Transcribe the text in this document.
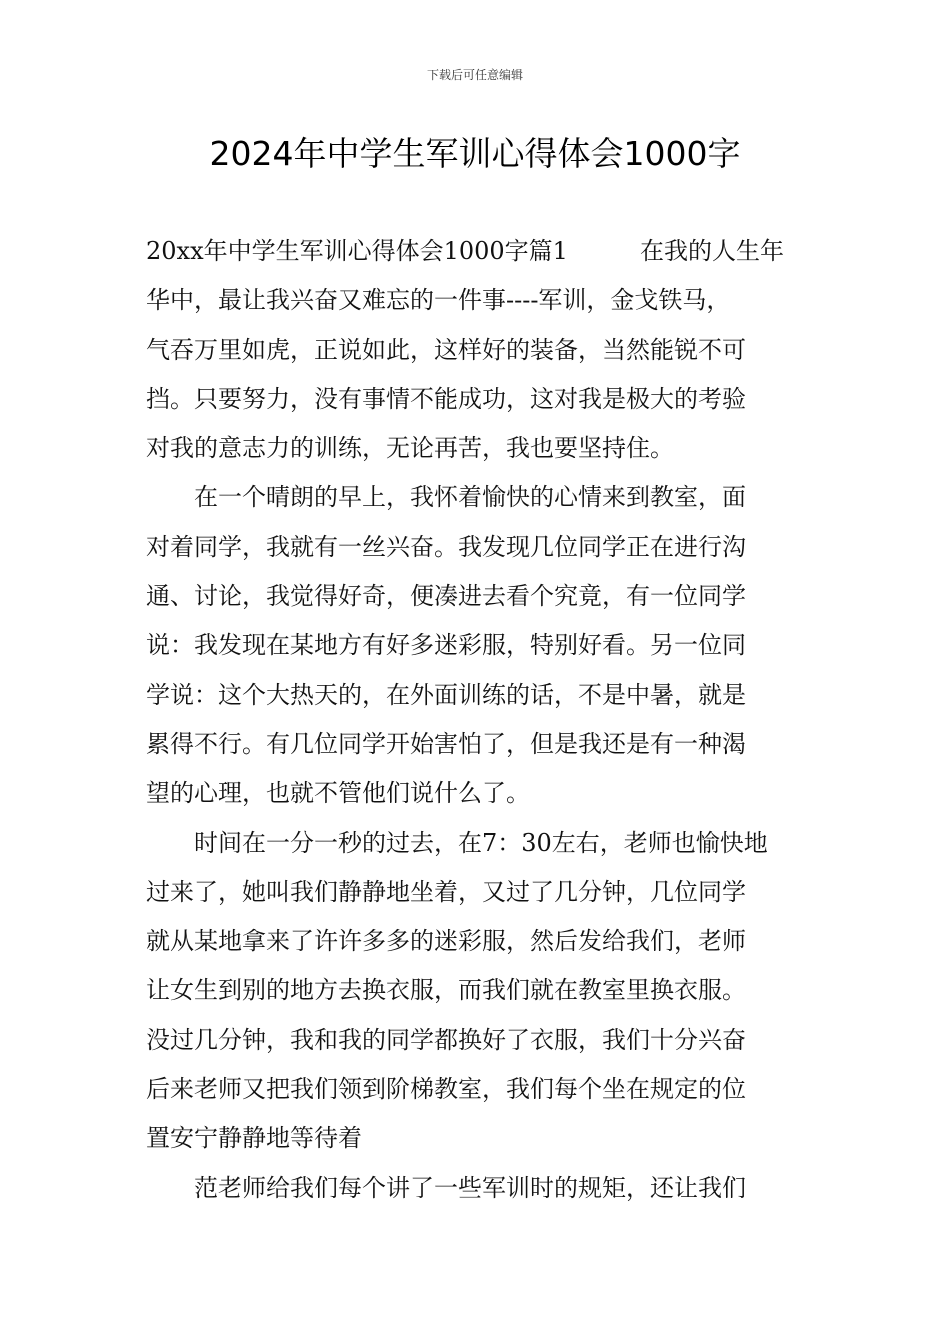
下载后可任意编辑
2024年中学生军训心得体会1000字
20xx年中学生军训心得体会1000字篇1　　　在我的人生年
华中，最让我兴奋又难忘的一件事----军训，金戈铁马，
气吞万里如虎，正说如此，这样好的装备，当然能锐不可
挡。只要努力，没有事情不能成功，这对我是极大的考验
对我的意志力的训练，无论再苦，我也要坚持住。
　　在一个晴朗的早上，我怀着愉快的心情来到教室，面
对着同学，我就有一丝兴奋。我发现几位同学正在进行沟
通、讨论，我觉得好奇，便凑进去看个究竟，有一位同学
说：我发现在某地方有好多迷彩服，特别好看。另一位同
学说：这个大热天的，在外面训练的话，不是中暑，就是
累得不行。有几位同学开始害怕了，但是我还是有一种渴
望的心理，也就不管他们说什么了。
　　时间在一分一秒的过去，在7：30左右，老师也愉快地
过来了，她叫我们静静地坐着，又过了几分钟，几位同学
就从某地拿来了许许多多的迷彩服，然后发给我们，老师
让女生到别的地方去换衣服，而我们就在教室里换衣服。
没过几分钟，我和我的同学都换好了衣服，我们十分兴奋
后来老师又把我们领到阶梯教室，我们每个坐在规定的位
置安宁静静地等待着
　　范老师给我们每个讲了一些军训时的规矩，还让我们
